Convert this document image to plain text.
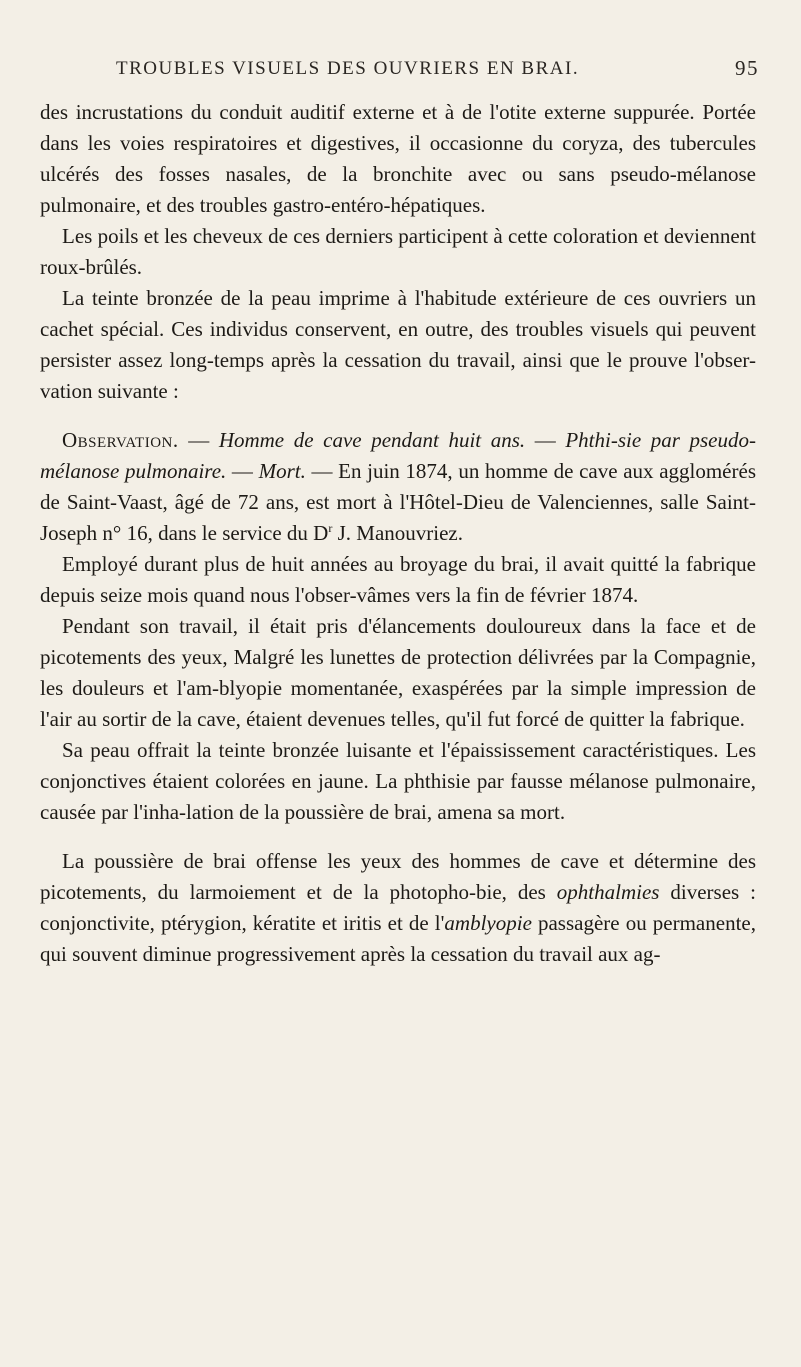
TROUBLES VISUELS DES OUVRIERS EN BRAI.	95

des incrustations du conduit auditif externe et à de l'otite externe suppurée. Portée dans les voies respiratoires et digestives, il occasionne du coryza, des tubercules ulcérés des fosses nasales, de la bronchite avec ou sans pseudo-mélanose pulmonaire, et des troubles gastro-entéro-hépatiques.

Les poils et les cheveux de ces derniers participent à cette coloration et deviennent roux-brûlés.

La teinte bronzée de la peau imprime à l'habitude extérieure de ces ouvriers un cachet spécial. Ces individus conservent, en outre, des troubles visuels qui peuvent persister assez long-temps après la cessation du travail, ainsi que le prouve l'obser-vation suivante :

Observation. — Homme de cave pendant huit ans. — Phthi-sie par pseudo-mélanose pulmonaire. — Mort. — En juin 1874, un homme de cave aux agglomérés de Saint-Vaast, âgé de 72 ans, est mort à l'Hôtel-Dieu de Valenciennes, salle Saint-Joseph n° 16, dans le service du $D^r$ J. Manouvriez.

Employé durant plus de huit années au broyage du brai, il avait quitté la fabrique depuis seize mois quand nous l'obser-vâmes vers la fin de février 1874.

Pendant son travail, il était pris d'élancements douloureux dans la face et de picotements des yeux, Malgré les lunettes de protection délivrées par la Compagnie, les douleurs et l'am-blyopie momentanée, exaspérées par la simple impression de l'air au sortir de la cave, étaient devenues telles, qu'il fut forcé de quitter la fabrique.

Sa peau offrait la teinte bronzée luisante et l'épaississement caractéristiques. Les conjonctives étaient colorées en jaune. La phthisie par fausse mélanose pulmonaire, causée par l'inha-lation de la poussière de brai, amena sa mort.

La poussière de brai offense les yeux des hommes de cave et détermine des picotements, du larmoiement et de la photopho-bie, des ophthalmies diverses : conjonctivite, ptérygion, kératite et iritis et de l'amblyopie passagère ou permanente, qui souvent diminue progressivement après la cessation du travail aux ag-
